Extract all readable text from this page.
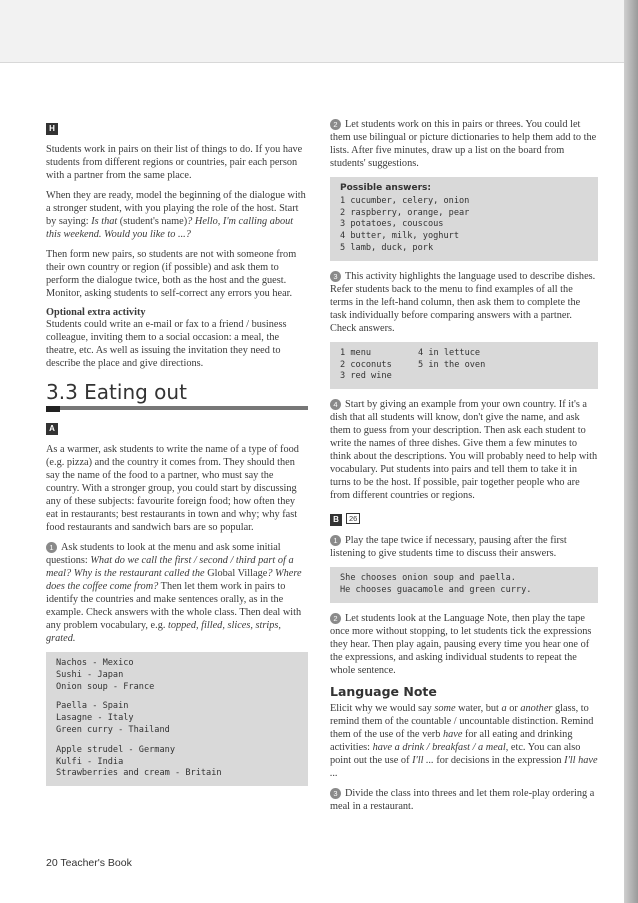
H

Students work in pairs on their list of things to do. If you have students from different regions or countries, pair each person with a partner from the same place.

When they are ready, model the beginning of the dialogue with a stronger student, with you playing the role of the host. Start by saying: Is that (student's name)? Hello, I'm calling about this weekend. Would you like to ...?

Then form new pairs, so students are not with someone from their own country or region (if possible) and ask them to perform the dialogue twice, both as the host and the guest. Monitor, asking students to self-correct any errors you hear.

Optional extra activity

Students could write an e-mail or fax to a friend / business colleague, inviting them to a social occasion: a meal, the theatre, etc. As well as issuing the invitation they need to describe the place and give directions.

3.3 Eating out
A

As a warmer, ask students to write the name of a type of food (e.g. pizza) and the country it comes from. They should then say the name of the food to a partner, who must say the country. With a stronger group, you could start by discussing any of these subjects: favourite foreign food; how often they eat in restaurants; best restaurants in town and why; why fast food restaurants and sandwich bars are so popular.

1 Ask students to look at the menu and ask some initial questions: What do we call the first / second / third part of a meal? Why is the restaurant called the Global Village? Where does the coffee come from? Then let them work in pairs to identify the countries and make sentences orally, as in the example. Check answers with the whole class. Then deal with any problem vocabulary, e.g. topped, filled, slices, strips, grated.

Nachos - Mexico
Sushi - Japan
Onion soup - France
Paella - Spain
Lasagne - Italy
Green curry - Thailand
Apple strudel - Germany
Kulfi - India
Strawberries and cream - Britain

2 Let students work on this in pairs or threes. You could let them use bilingual or picture dictionaries to help them add to the lists. After five minutes, draw up a list on the board from students' suggestions.

Possible answers:
1 cucumber, celery, onion
2 raspberry, orange, pear
3 potatoes, couscous
4 butter, milk, yoghurt
5 lamb, duck, pork

3 This activity highlights the language used to describe dishes. Refer students back to the menu to find examples of all the terms in the left-hand column, then ask them to complete the task individually before comparing answers with a partner. Check answers.

1 menu	4 in lettuce
2 coconuts	5 in the oven
3 red wine

4 Start by giving an example from your own country. If it's a dish that all students will know, don't give the name, and ask them to guess from your description. Then ask each student to write the names of three dishes. Give them a few minutes to think about the descriptions. You will probably need to help with vocabulary. Put students into pairs and tell them to take it in turns to be the host. If possible, pair together people who are from different countries or regions.

B 26

1 Play the tape twice if necessary, pausing after the first listening to give students time to discuss their answers.

She chooses onion soup and paella.
He chooses guacamole and green curry.

2 Let students look at the Language Note, then play the tape once more without stopping, to let students tick the expressions they hear. Then play again, pausing every time you hear one of the expressions, and asking individual students to repeat the whole sentence.

Language Note

Elicit why we would say some water, but a or another glass, to remind them of the countable / uncountable distinction. Remind them of the use of the verb have for all eating and drinking activities: have a drink / breakfast / a meal, etc. You can also point out the use of I'll ... for decisions in the expression I'll have ...

3 Divide the class into threes and let them role-play ordering a meal in a restaurant.

20 Teacher's Book
